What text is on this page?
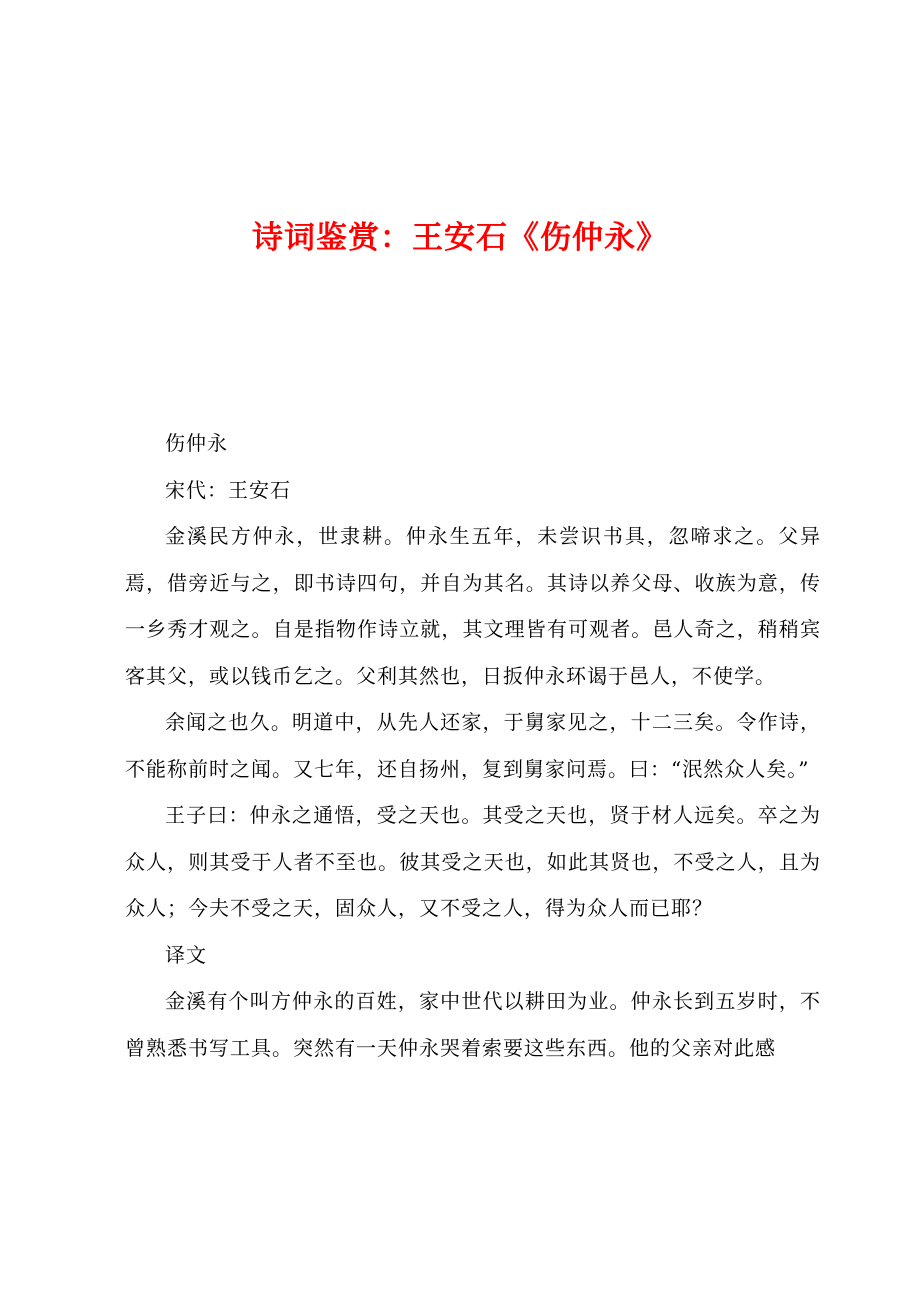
诗词鉴赏：王安石《伤仲永》

伤仲永

宋代：王安石

金溪民方仲永，世隶耕。仲永生五年，未尝识书具，忽啼求之。父异焉，借旁近与之，即书诗四句，并自为其名。其诗以养父母、收族为意，传一乡秀才观之。自是指物作诗立就，其文理皆有可观者。邑人奇之，稍稍宾客其父，或以钱币乞之。父利其然也，日扳仲永环谒于邑人，不使学。

余闻之也久。明道中，从先人还家，于舅家见之，十二三矣。令作诗，不能称前时之闻。又七年，还自扬州，复到舅家问焉。曰：“泯然众人矣。”

王子曰：仲永之通悟，受之天也。其受之天也，贤于材人远矣。卒之为众人，则其受于人者不至也。彼其受之天也，如此其贤也，不受之人，且为众人；今夫不受之天，固众人，又不受之人，得为众人而已耶？

译文

金溪有个叫方仲永的百姓，家中世代以耕田为业。仲永长到五岁时，不曾熟悉书写工具。突然有一天仲永哭着索要这些东西。他的父亲对此感
